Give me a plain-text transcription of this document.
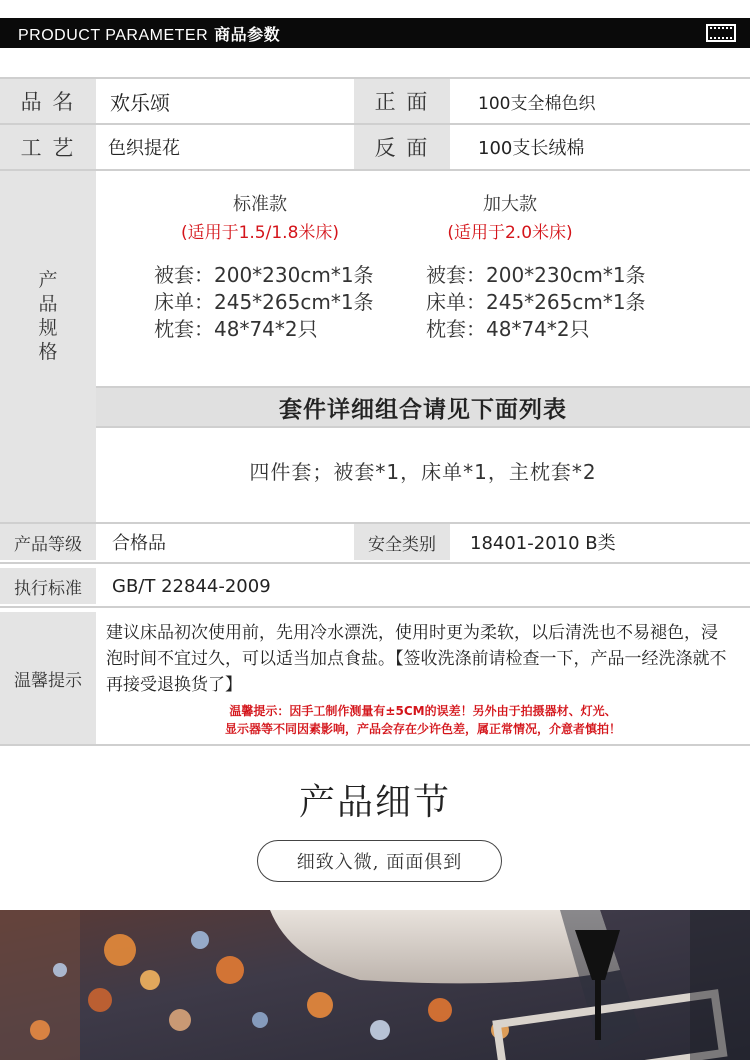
PRODUCT PARAMETER 商品参数
品 名	欢乐颂	正 面	100支全棉色织
工 艺	色织提花	反 面	100支长绒棉
产
品
规
格
标准款
(适用于1.5/1.8米床)
被套：200*230cm*1条
床单：245*265cm*1条
枕套：48*74*2只
加大款
(适用于2.0米床)
被套：200*230cm*1条
床单：245*265cm*1条
枕套：48*74*2只
套件详细组合请见下面列表
四件套；被套*1，床单*1，主枕套*2
产品等级	合格品	安全类别	18401-2010 B类
执行标准	GB/T 22844-2009
温馨提示
建议床品初次使用前，先用冷水漂洗，使用时更为柔软，以后清洗也不易褪色，浸泡时间不宜过久，可以适当加点食盐。【签收洗涤前请检查一下，产品一经洗涤就不再接受退换货了】
温馨提示：因手工制作测量有±5CM的误差！另外由于拍摄器材、灯光、
显示器等不同因素影响，产品会存在少许色差，属正常情况，介意者慎拍！
产品细节
细致入微, 面面俱到
